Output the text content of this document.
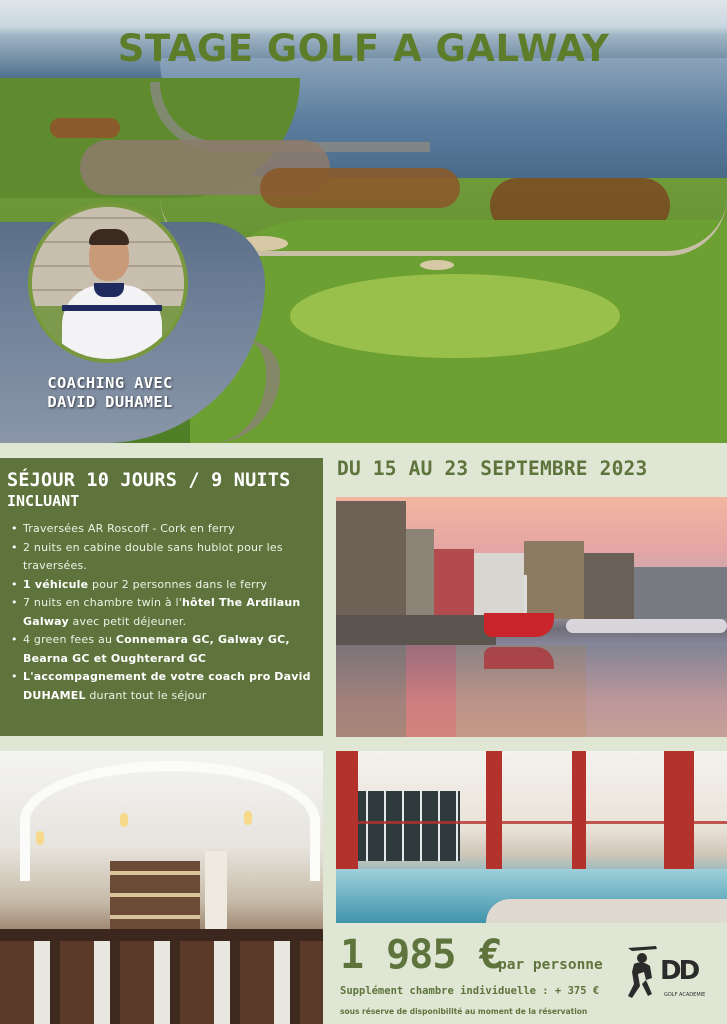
STAGE GOLF A GALWAY
COACHING AVEC
DAVID DUHAMEL
SÉJOUR 10 JOURS / 9 NUITS
INCLUANT
• Traversées AR Roscoff - Cork en ferry
• 2 nuits en cabine double sans hublot pour les traversées.
• 1 véhicule pour 2 personnes dans le ferry
• 7 nuits en chambre twin à l'hôtel The Ardilaun Galway avec petit déjeuner.
• 4 green fees au Connemara GC, Galway GC, Bearna GC et Oughterard GC
• L'accompagnement de votre coach pro David DUHAMEL durant tout le séjour
DU 15 AU 23 SEPTEMBRE 2023
1 985 €
par personne
Supplément chambre individuelle : + 375 €
sous réserve de disponibilité au moment de la réservation
DD
GOLF ACADEMIE
